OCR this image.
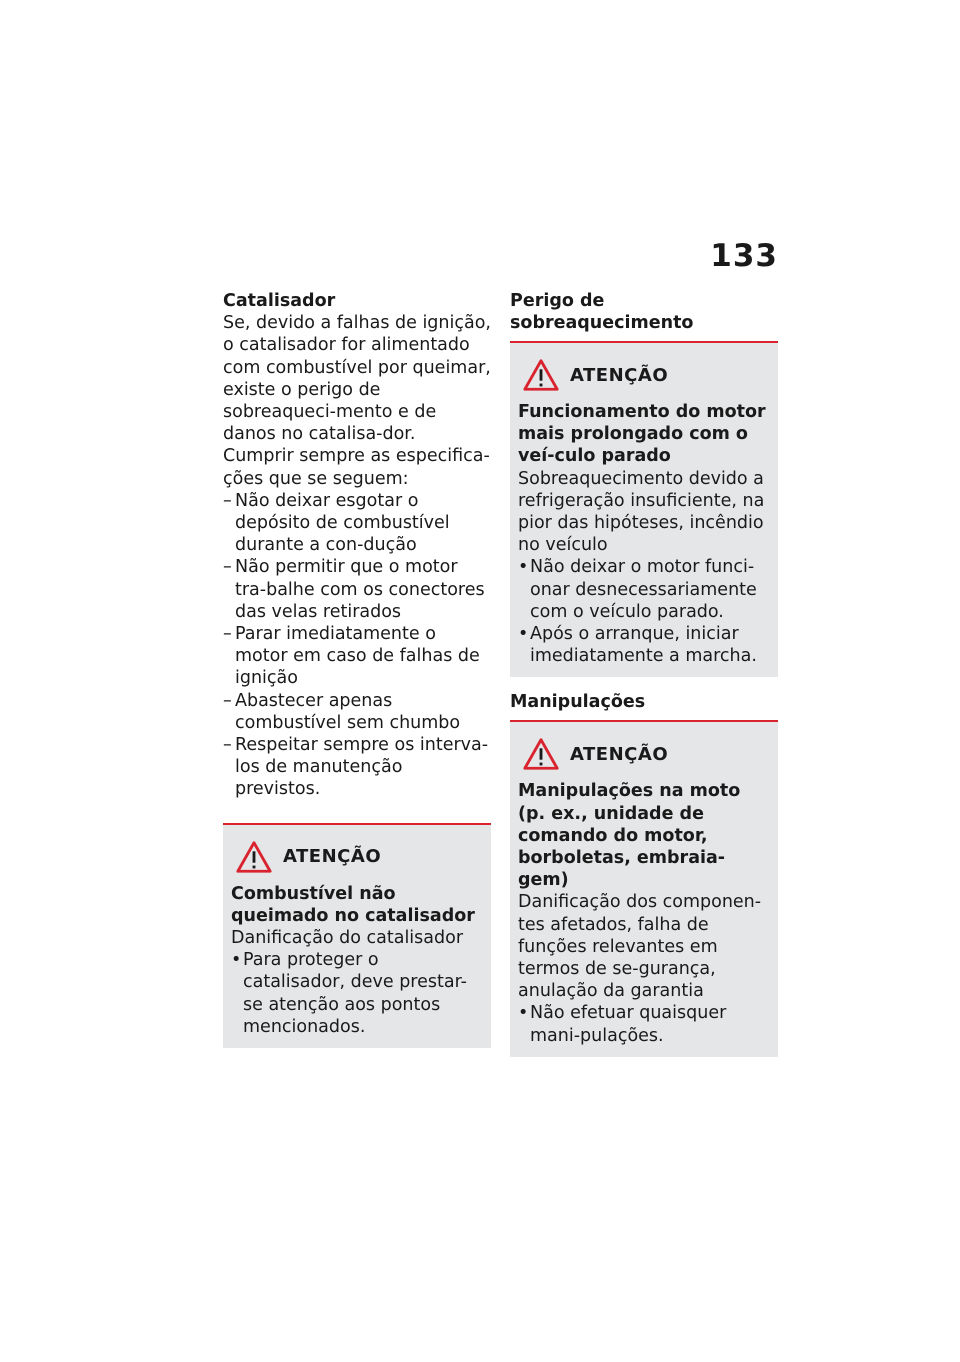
133
Catalisador

Se, devido a falhas de ignição, o catalisador for alimentado com combustível por queimar, existe o perigo de sobreaqueci-mento e de danos no catalisa-dor.

Cumprir sempre as especifica-ções que se seguem:

– Não deixar esgotar o depósito de combustível durante a con-dução
– Não permitir que o motor tra-balhe com os conectores das velas retirados
– Parar imediatamente o motor em caso de falhas de ignição
– Abastecer apenas combustível sem chumbo
– Respeitar sempre os interva-los de manutenção previstos.
ATENÇÃO
Combustível não queimado no catalisador
Danificação do catalisador
• Para proteger o catalisador, deve prestar-se atenção aos pontos mencionados.
Perigo de sobreaquecimento
ATENÇÃO
Funcionamento do motor mais prolongado com o veí-culo parado
Sobreaquecimento devido a refrigeração insuficiente, na pior das hipóteses, incêndio no veículo
• Não deixar o motor funci-onar desnecessariamente com o veículo parado.
• Após o arranque, iniciar imediatamente a marcha.
Manipulações
ATENÇÃO
Manipulações na moto (p. ex., unidade de comando do motor, borboletas, embraia-gem)
Danificação dos componen-tes afetados, falha de funções relevantes em termos de se-gurança, anulação da garantia
• Não efetuar quaisquer mani-pulações.
